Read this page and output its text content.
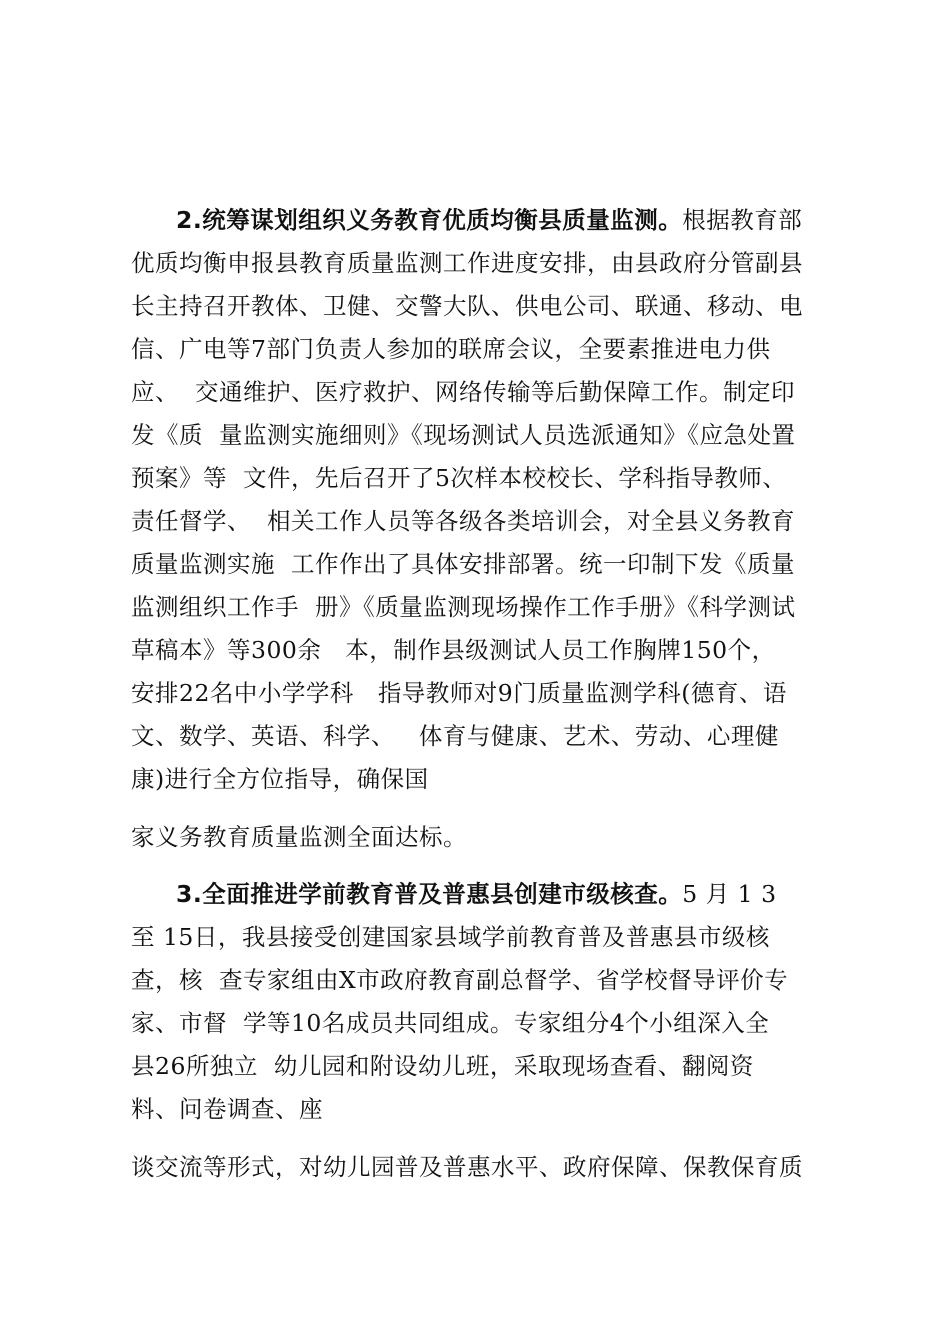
2.统筹谋划组织义务教育优质均衡县质量监测。根据教育部
优质均衡申报县教育质量监测工作进度安排，由县政府分管副县
长主持召开教体、卫健、交警大队、供电公司、联通、移动、电
信、广电等7部门负责人参加的联席会议，全要素推进电力供
应、  交通维护、医疗救护、网络传输等后勤保障工作。制定印
发《质  量监测实施细则》《现场测试人员选派通知》《应急处置
预案》等  文件，先后召开了5次样本校校长、学科指导教师、
责任督学、  相关工作人员等各级各类培训会，对全县义务教育
质量监测实施  工作作出了具体安排部署。统一印制下发《质量
监测组织工作手  册》《质量监测现场操作工作手册》《科学测试
草稿本》等300余   本，制作县级测试人员工作胸牌150个，
安排22名中小学学科   指导教师对9门质量监测学科(德育、语
文、数学、英语、科学、   体育与健康、艺术、劳动、心理健
康)进行全方位指导，确保国
家义务教育质量监测全面达标。
3.全面推进学前教育普及普惠县创建市级核查。5 月 1 3
至 15日，我县接受创建国家县域学前教育普及普惠县市级核
查，核  查专家组由X市政府教育副总督学、省学校督导评价专
家、市督  学等10名成员共同组成。专家组分4个小组深入全
县26所独立  幼儿园和附设幼儿班，采取现场查看、翻阅资
料、问卷调查、座
谈交流等形式，对幼儿园普及普惠水平、政府保障、保教保育质
